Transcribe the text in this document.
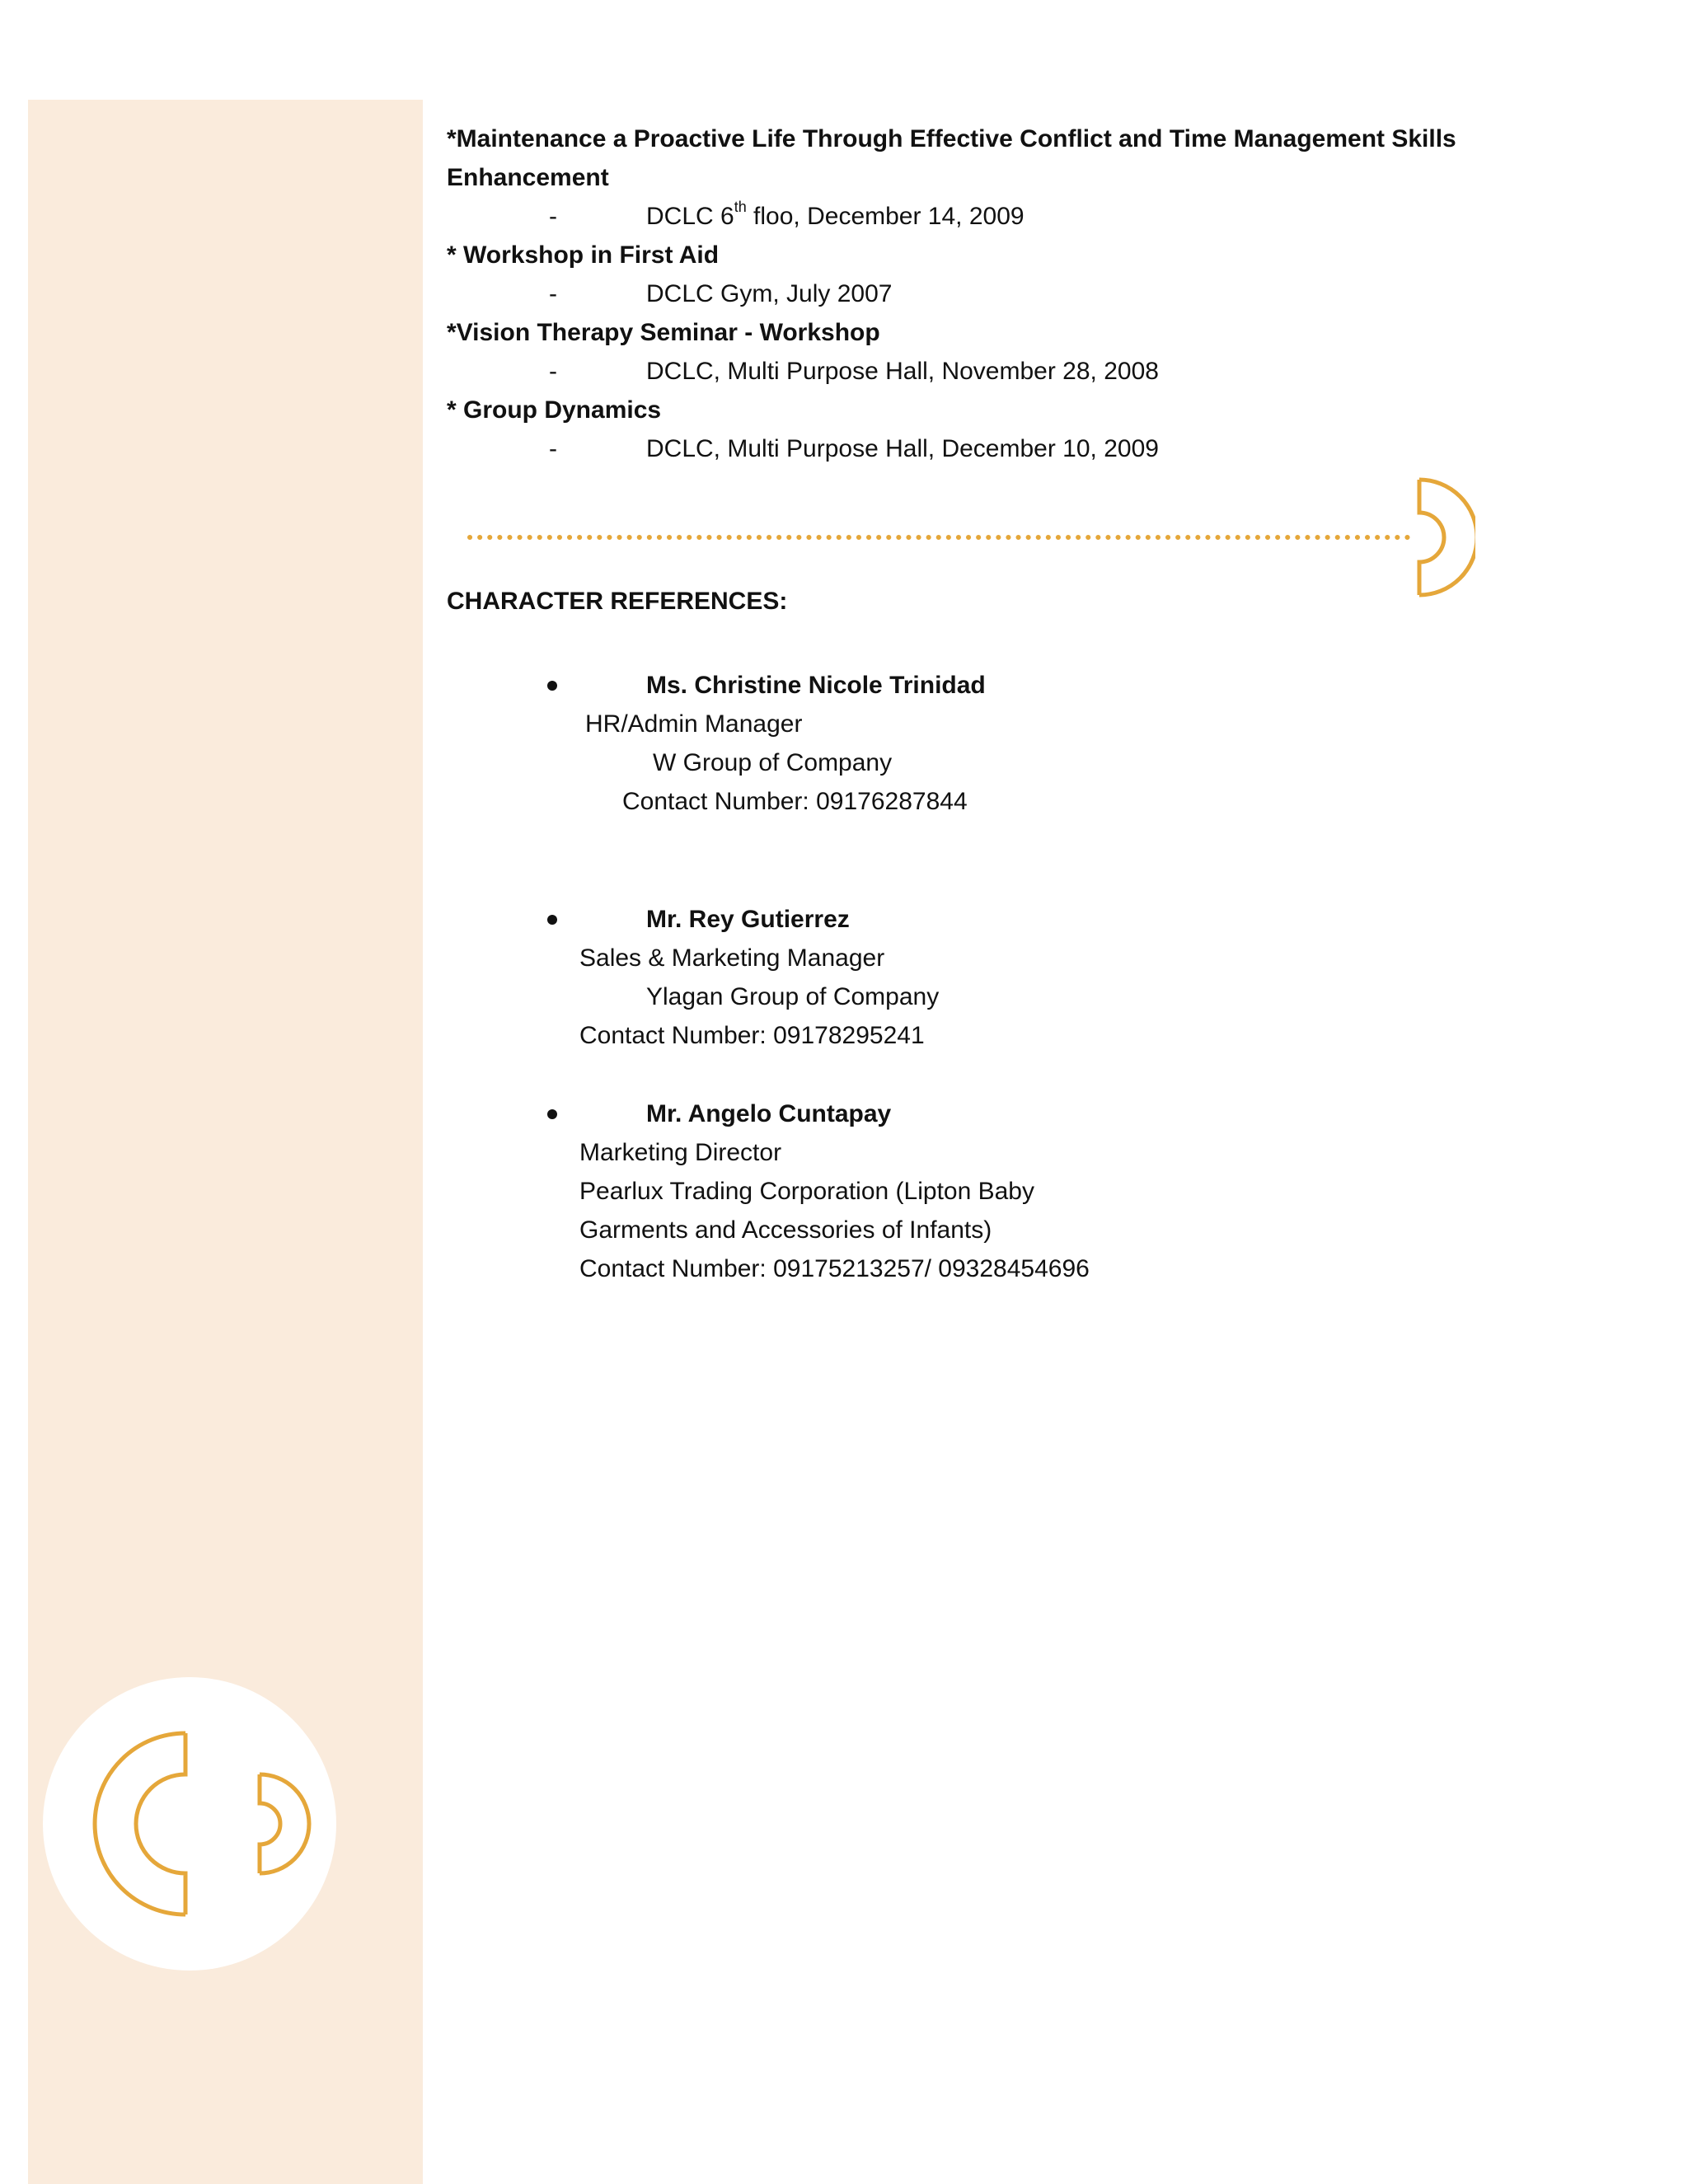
*Maintenance a Proactive Life Through Effective Conflict and Time Management Skills
Enhancement
-	DCLC 6th floo, December 14, 2009
* Workshop in First Aid
-	DCLC Gym, July 2007
*Vision Therapy Seminar - Workshop
-	DCLC, Multi Purpose Hall, November 28, 2008
* Group Dynamics
-	DCLC, Multi Purpose Hall, December 10, 2009
CHARACTER REFERENCES:
Ms. Christine Nicole Trinidad
HR/Admin Manager
W Group of Company
Contact Number: 09176287844
Mr. Rey Gutierrez
Sales & Marketing Manager
Ylagan Group of Company
Contact Number: 09178295241
Mr. Angelo Cuntapay
Marketing Director
Pearlux Trading Corporation (Lipton Baby
Garments and Accessories of Infants)
Contact Number: 09175213257/ 09328454696
